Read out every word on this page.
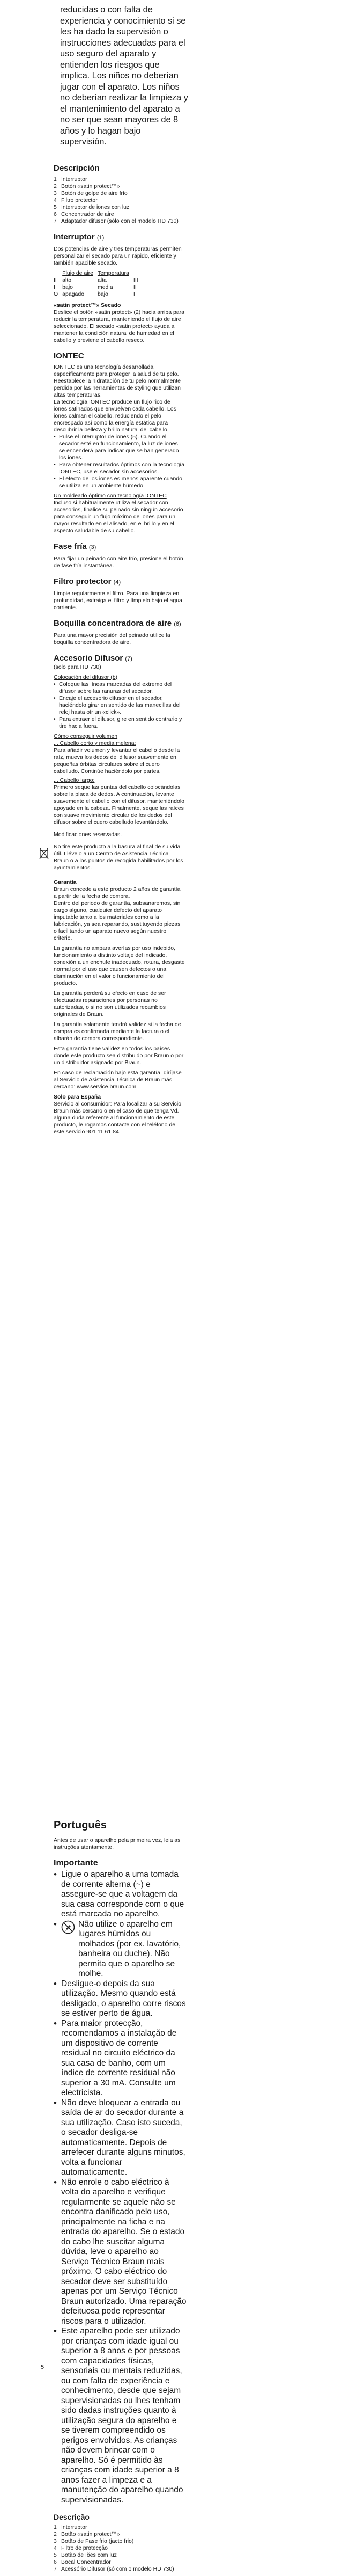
reducidas o con falta de experiencia y conocimiento si se les ha dado la supervisión o instrucciones adecuadas para el uso seguro del aparato y entienden los riesgos que implica. Los niños no deberían jugar con el aparato. Los niños no deberían realizar la limpieza y el mantenimiento del aparato a no ser que sean mayores de 8 años y lo hagan bajo supervisión.

Descripción
1 Interruptor
2 Botón «satin protect™»
3 Botón de golpe de aire frío
4 Filtro protector
5 Interruptor de iones con luz
6 Concentrador de aire
7 Adaptador difusor (sólo con el modelo HD 730)
Interruptor (1)

Dos potencias de aire y tres temperaturas permiten personalizar el secado para un rápido, eficiente y también apacible secado.

	Flujo de aire	Temperatura	
II	alto	alta	III
I	bajo	media	II
O	apagado	bajo	I

«satin protect™» Secado

Deslice el botón «satin protect» (2) hacia arriba para reducir la temperatura, manteniendo el flujo de aire seleccionado. El secado «satin protect» ayuda a mantener la condición natural de humedad en el cabello y previene el cabello reseco.

IONTEC

IONTEC es una tecnología desarrollada específicamente para proteger la salud de tu pelo. Reestablece la hidratación de tu pelo normalmente perdida por las herramientas de styling que utilizan altas temperaturas.

La tecnología IONTEC produce un flujo rico de iones satinados que envuelven cada cabello. Los iones calman el cabello, reduciendo el pelo encrespado así como la energía estática para descubrir la belleza y brillo natural del cabello.

• Pulse el interruptor de iones (5). Cuando el secador esté en funcionamiento, la luz de iones se encenderá para indicar que se han generado los iones.
• Para obtener resultados óptimos con la tecnología IONTEC, use el secador sin accesorios.
• El efecto de los iones es menos aparente cuando se utiliza en un ambiente húmedo.

Un moldeado óptimo con tecnología IONTEC

Incluso si habitualmente utiliza el secador con accesorios, finalice su peinado sin ningún accesorio para conseguir un flujo máximo de iones para un mayor resultado en el alisado, en el brillo y en el aspecto saludable de su cabello.

Fase fría (3)

Para fijar un peinado con aire frío, presione el botón de fase fría instantánea.

Filtro protector (4)

Limpie regularmente el filtro. Para una limpieza en profundidad, extraiga el filtro y límpielo bajo el agua corriente.

Boquilla concentradora de aire (6)

Para una mayor precisión del peinado utilice la boquilla concentradora de aire.

Accesorio Difusor (7)

(solo para HD 730)

Colocación del difusor (b)

• Coloque las líneas marcadas del extremo del difusor sobre las ranuras del secador.
• Encaje el accesorio difusor en el secador, haciéndolo girar en sentido de las manecillas del reloj hasta oír un «click».
• Para extraer el difusor, gire en sentido contrario y tire hacia fuera.

Cómo conseguir volumen

... Cabello corto y media melena:

Para añadir volumen y levantar el cabello desde la raíz, mueva los dedos del difusor suavemente en pequeñas órbitas circulares sobre el cuero cabelludo. Continúe haciéndolo por partes.

... Cabello largo:

Primero seque las puntas del cabello colocándolas sobre la placa de dedos. A continuación, levante suavemente el cabello con el difusor, manteniéndolo apoyado en la cabeza. Finalmente, seque las raíces con suave movimiento circular de los dedos del difusor sobre el cuero cabelludo levantándolo.

Modificaciones reservadas.

No tire este producto a la basura al final de su vida útil. Llévelo a un Centro de Asistencia Técnica Braun o a los puntos de recogida habilitados por los ayuntamientos.

Garantía

Braun concede a este producto 2 años de garantía a partir de la fecha de compra.

Dentro del periodo de garantía, subsanaremos, sin cargo alguno, cualquier defecto del aparato imputable tanto a los materiales como a la fabricación, ya sea reparando, sustituyendo piezas o facilitando un aparato nuevo según nuestro criterio.

La garantía no ampara averías por uso indebido, funcionamiento a distinto voltaje del indicado, conexión a un enchufe inadecuado, rotura, desgaste normal por el uso que causen defectos o una disminución en el valor o funcionamiento del producto.

La garantía perderá su efecto en caso de ser efectuadas reparaciones por personas no autorizadas, o si no son utilizados recambios originales de Braun.

La garantía solamente tendrá validez si la fecha de compra es confirmada mediante la factura o el albarán de compra correspondiente.

Esta garantía tiene validez en todos los países donde este producto sea distribuido por Braun o por un distribuidor asignado por Braun.

En caso de reclamación bajo esta garantía, diríjase al Servicio de Asistencia Técnica de Braun más cercano: www.service.braun.com.

Solo para España

Servicio al consumidor: Para localizar a su Servicio Braun más cercano o en el caso de que tenga Vd. alguna duda referente al funcionamiento de este producto, le rogamos contacte con el teléfono de este servicio 901 11 61 84.

Português

Antes de usar o aparelho pela primeira vez, leia as instruções atentamente.

Importante
• Ligue o aparelho a uma tomada de corrente alterna (~) e assegure-se que a voltagem da sua casa corresponde com o que está marcada no aparelho.
•	Não utilize o aparelho em lugares húmidos ou molhados (por ex. lavatório, banheira ou duche). Não permita que o aparelho se molhe.
• Desligue-o depois da sua utilização. Mesmo quando está desligado, o aparelho corre riscos se estiver perto de água.
• Para maior protecção, recomendamos a instalação de um dispositivo de corrente residual no circuito eléctrico da sua casa de banho, com um índice de corrente residual não superior a 30 mA. Consulte um electricista.
• Não deve bloquear a entrada ou saída de ar do secador durante a sua utilização. Caso isto suceda, o secador desliga-se automaticamente. Depois de arrefecer durante alguns minutos, volta a funcionar automaticamente.
• Não enrole o cabo eléctrico à volta do aparelho e verifique regularmente se aquele não se encontra danificado pelo uso, principalmente na ficha e na entrada do aparelho. Se o estado do cabo lhe suscitar alguma dúvida, leve o aparelho ao Serviço Técnico Braun mais próximo. O cabo eléctrico do secador deve ser substituído apenas por um Serviço Técnico Braun autorizado. Uma reparação defeituosa pode representar riscos para o utilizador.
• Este aparelho pode ser utilizado por crianças com idade igual ou superior a 8 anos e por pessoas com capacidades físicas, sensoriais ou mentais reduzidas, ou com falta de experiência e conhecimento, desde que sejam supervisionadas ou lhes tenham sido dadas instruções quanto à utilização segura do aparelho e se tiverem compreendido os perigos envolvidos. As crianças não devem brincar com o aparelho. Só é permitido às crianças com idade superior a 8 anos fazer a limpeza e a manutenção do aparelho quando supervisionadas.
Descrição
1 Interruptor
2 Botão «satin protect™»
3 Botão de Fase frio (jacto frio)
4 Filtro de protecção
5 Botão de Iões com luz
6 Bocal Concentrador
7 Acessório Difusor (só com o modelo HD 730)
5
